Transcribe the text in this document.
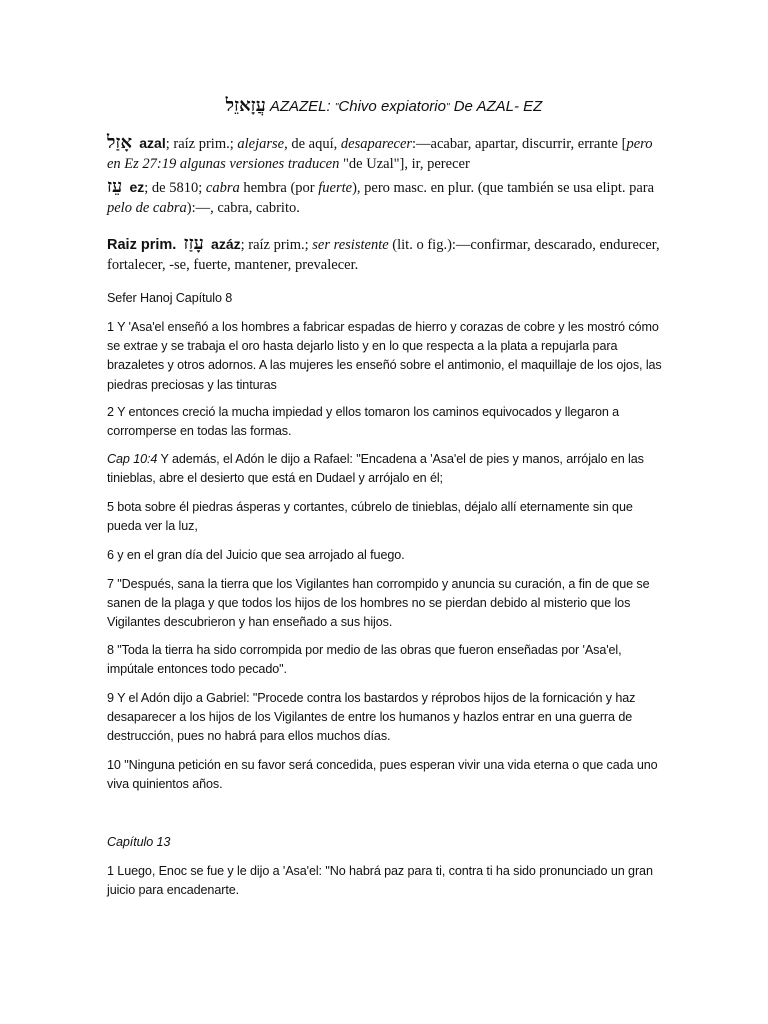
עֲזָאזֵל AZAZEL: "Chivo expiatorio" De AZAL- EZ
אָזַל azal; raíz prim.; alejarse, de aquí, desaparecer:—acabar, apartar, discurrir, errante [pero en Ez 27:19 algunas versiones traducen "de Uzal"], ir, perecer
עֵז ez; de 5810; cabra hembra (por fuerte), pero masc. en plur. (que también se usa elipt. para pelo de cabra):—, cabra, cabrito.
Raiz prim. עָזַז azáz; raíz prim.; ser resistente (lit. o fig.):—confirmar, descarado, endurecer, fortalecer, -se, fuerte, mantener, prevalecer.
Sefer Hanoj Capítulo 8
1 Y 'Asa'el enseñó a los hombres a fabricar espadas de hierro y corazas de cobre y les mostró cómo se extrae y se trabaja el oro hasta dejarlo listo y en lo que respecta a la plata a repujarla para brazaletes y otros adornos. A las mujeres les enseñó sobre el antimonio, el maquillaje de los ojos, las piedras preciosas y las tinturas
2 Y entonces creció la mucha impiedad y ellos tomaron los caminos equivocados y llegaron a corromperse en todas las formas.
Cap 10:4 Y además, el Adón le dijo a Rafael: "Encadena a 'Asa'el de pies y manos, arrójalo en las tinieblas, abre el desierto que está en Dudael y arrójalo en él;
5 bota sobre él piedras ásperas y cortantes, cúbrelo de tinieblas, déjalo allí eternamente sin que pueda ver la luz,
6 y en el gran día del Juicio que sea arrojado al fuego.
7 "Después, sana la tierra que los Vigilantes han corrompido y anuncia su curación, a fin de que se sanen de la plaga y que todos los hijos de los hombres no se pierdan debido al misterio que los Vigilantes descubrieron y han enseñado a sus hijos.
8 "Toda la tierra ha sido corrompida por medio de las obras que fueron enseñadas por 'Asa'el, impútale entonces todo pecado".
9 Y el Adón dijo a Gabriel: "Procede contra los bastardos y réprobos hijos de la fornicación y haz desaparecer a los hijos de los Vigilantes de entre los humanos y hazlos entrar en una guerra de destrucción, pues no habrá para ellos muchos días.
10 "Ninguna petición en su favor será concedida, pues esperan vivir una vida eterna o que cada uno viva quinientos años.
Capítulo 13
1 Luego, Enoc se fue y le dijo a 'Asa'el: "No habrá paz para ti, contra ti ha sido pronunciado un gran juicio para encadenarte.
